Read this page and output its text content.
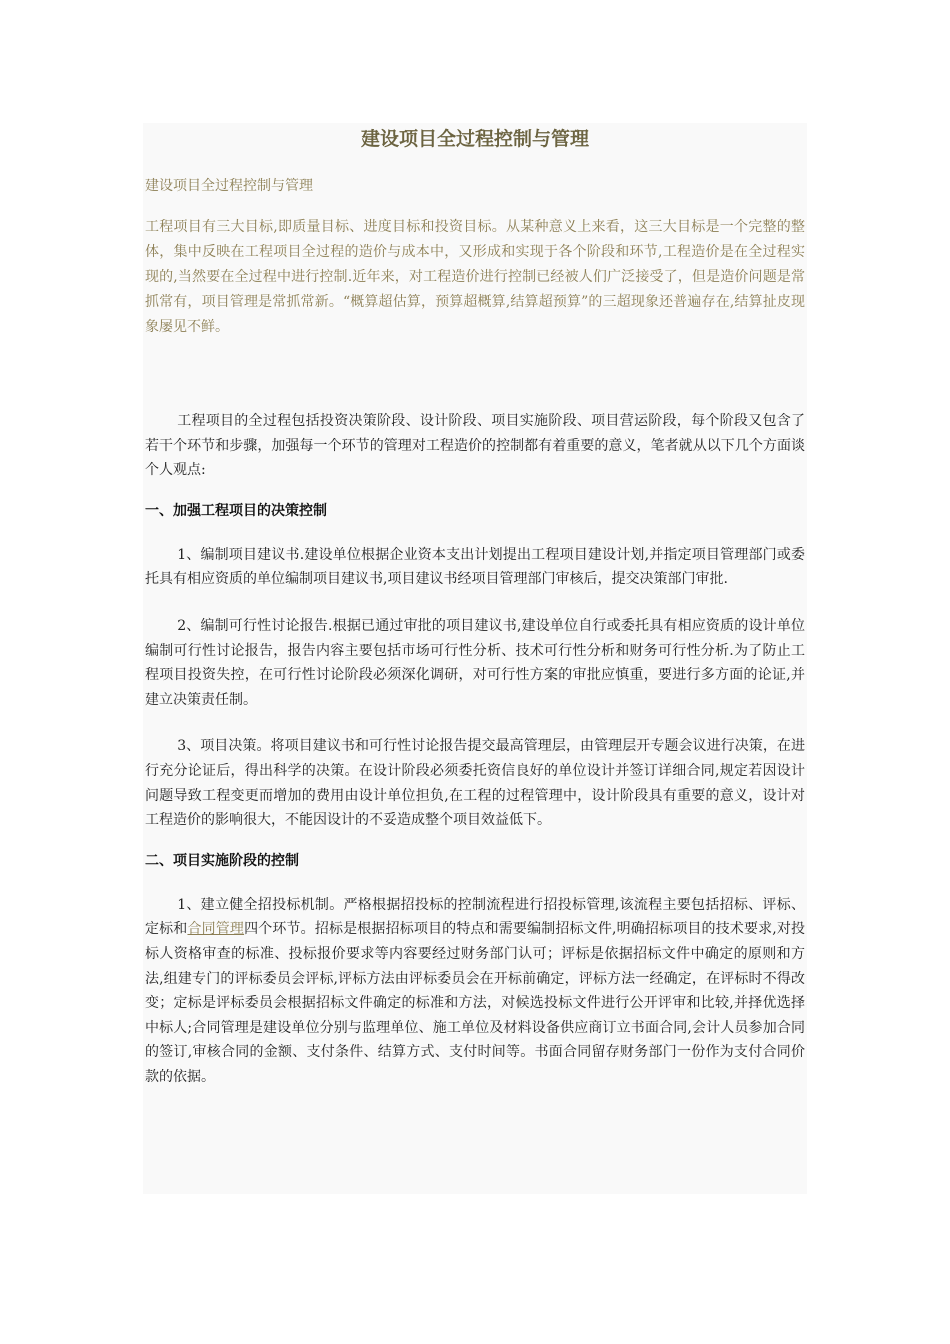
建设项目全过程控制与管理

建设项目全过程控制与管理

工程项目有三大目标,即质量目标、进度目标和投资目标。从某种意义上来看，这三大目标是一个完整的整体，集中反映在工程项目全过程的造价与成本中，又形成和实现于各个阶段和环节,工程造价是在全过程实现的,当然要在全过程中进行控制.近年来，对工程造价进行控制已经被人们广泛接受了，但是造价问题是常抓常有，项目管理是常抓常新。“概算超估算，预算超概算,结算超预算”的三超现象还普遍存在,结算扯皮现象屡见不鲜。

工程项目的全过程包括投资决策阶段、设计阶段、项目实施阶段、项目营运阶段，每个阶段又包含了若干个环节和步骤，加强每一个环节的管理对工程造价的控制都有着重要的意义，笔者就从以下几个方面谈个人观点:

一、加强工程项目的决策控制

1、编制项目建议书.建设单位根据企业资本支出计划提出工程项目建设计划,并指定项目管理部门或委托具有相应资质的单位编制项目建议书,项目建议书经项目管理部门审核后，提交决策部门审批.

2、编制可行性讨论报告.根据已通过审批的项目建议书,建设单位自行或委托具有相应资质的设计单位编制可行性讨论报告，报告内容主要包括市场可行性分析、技术可行性分析和财务可行性分析.为了防止工程项目投资失控，在可行性讨论阶段必须深化调研，对可行性方案的审批应慎重，要进行多方面的论证,并建立决策责任制。

3、项目决策。将项目建议书和可行性讨论报告提交最高管理层，由管理层开专题会议进行决策，在进行充分论证后，得出科学的决策。在设计阶段必须委托资信良好的单位设计并签订详细合同,规定若因设计问题导致工程变更而增加的费用由设计单位担负,在工程的过程管理中，设计阶段具有重要的意义，设计对工程造价的影响很大，不能因设计的不妥造成整个项目效益低下。

二、项目实施阶段的控制

1、建立健全招投标机制。严格根据招投标的控制流程进行招投标管理,该流程主要包括招标、评标、定标和合同管理四个环节。招标是根据招标项目的特点和需要编制招标文件,明确招标项目的技术要求,对投标人资格审查的标准、投标报价要求等内容要经过财务部门认可；评标是依据招标文件中确定的原则和方法,组建专门的评标委员会评标,评标方法由评标委员会在开标前确定，评标方法一经确定，在评标时不得改变；定标是评标委员会根据招标文件确定的标准和方法，对候选投标文件进行公开评审和比较,并择优选择中标人;合同管理是建设单位分别与监理单位、施工单位及材料设备供应商订立书面合同,会计人员参加合同的签订,审核合同的金额、支付条件、结算方式、支付时间等。书面合同留存财务部门一份作为支付合同价款的依据。
